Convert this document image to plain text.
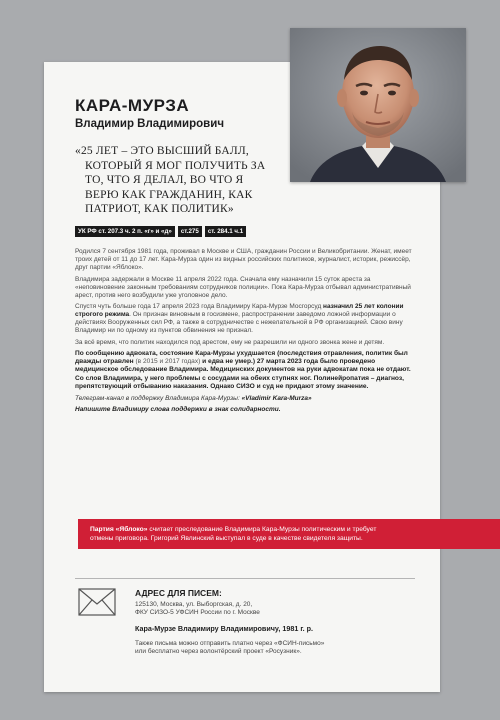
КАРА-МУРЗА
Владимир Владимирович
«25 ЛЕТ – ЭТО ВЫСШИЙ БАЛЛ,
КОТОРЫЙ Я МОГ ПОЛУЧИТЬ ЗА
ТО, ЧТО Я ДЕЛАЛ, ВО ЧТО Я
ВЕРЮ КАК ГРАЖДАНИН, КАК
ПАТРИОТ, КАК ПОЛИТИК»
УК РФ ст. 207.3 ч. 2 п. «г» и «д»	ст.275	ст. 284.1 ч.1

Родился 7 сентября 1981 года, проживал в Москве и США, гражданин России и Великобритании. Женат, имеет троих детей от 11 до 17 лет. Кара-Мурза один из видных российских политиков, журналист, историк, режиссёр, друг партии «Яблоко».

Владимира задержали в Москве 11 апреля 2022 года. Сначала ему назначили 15 суток ареста за «неповиновение законным требованиям сотрудников полиции». Пока Кара-Мурза отбывал административный арест, против него возбудили уже уголовное дело.

Спустя чуть больше года 17 апреля 2023 года Владимиру Кара-Мурзе Мосгорсуд назначил 25 лет колонии строгого режима. Он признан виновным в госизмене, распространении заведомо ложной информации о действиях Вооруженных сил РФ, а также в сотрудничестве с нежелательной в РФ организацией. Свою вину Владимир ни по одному из пунктов обвинения не признал.

За всё время, что политик находился под арестом, ему не разрешили ни одного звонка жене и детям.

По сообщению адвоката, состояние Кара-Мурзы ухудшается (последствия отравления, политик был дважды отравлен (в 2015 и 2017 годах) и едва не умер.) 27 марта 2023 года было проведено медицинское обследование Владимира. Медицинских документов на руки адвокатам пока не отдают. Со слов Владимира, у него проблемы с сосудами на обеих ступнях ног. Полинейропатия – диагноз, препятствующий отбыванию наказания. Однако СИЗО и суд не придают этому значение.

Телеграм-канал в поддержку Владимира Кара-Мурзы: «Vladimir Kara-Murza»

Напишите Владимиру слова поддержки в знак солидарности.

Партия «Яблоко» считает преследование Владимира Кара-Мурзы политическим и требует
отмены приговора. Григорий Явлинский выступал в суде в качестве свидетеля защиты.
АДРЕС ДЛЯ ПИСЕМ:
125130, Москва, ул. Выборгская, д. 20,
ФКУ СИЗО-5 УФСИН России по г. Москве
Кара-Мурзе Владимиру Владимировичу, 1981 г. р.
Также письма можно отправить платно через «ФСИН-письмо»
или бесплатно через волонтёрский проект «Росузник».
